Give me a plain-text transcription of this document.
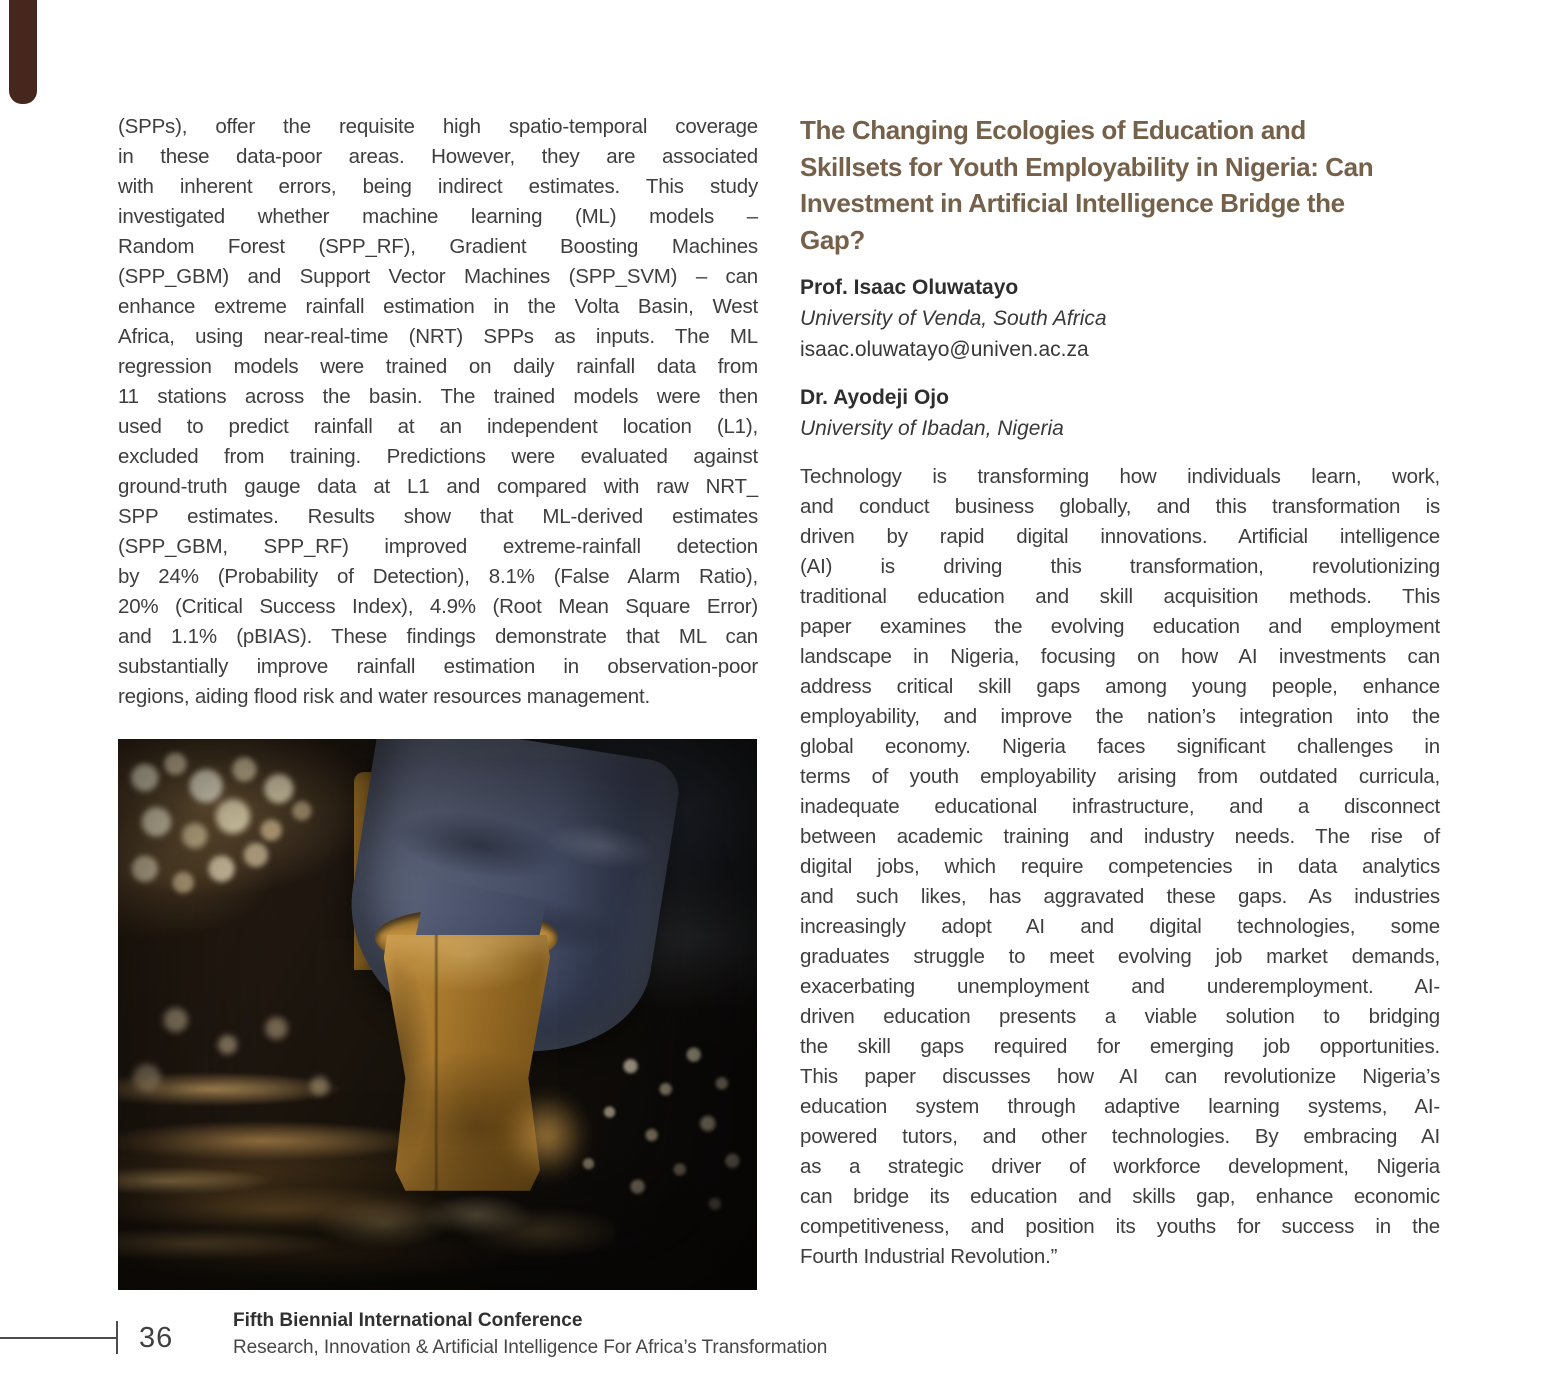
(SPPs), offer the requisite high spatio-temporal coverage
in these data-poor areas. However, they are associated
with inherent errors, being indirect estimates. This study
investigated whether machine learning (ML) models –
Random Forest (SPP_RF), Gradient Boosting Machines
(SPP_GBM) and Support Vector Machines (SPP_SVM) – can
enhance extreme rainfall estimation in the Volta Basin, West
Africa, using near-real-time (NRT) SPPs as inputs. The ML
regression models were trained on daily rainfall data from
11 stations across the basin. The trained models were then
used to predict rainfall at an independent location (L1),
excluded from training. Predictions were evaluated against
ground-truth gauge data at L1 and compared with raw NRT_
SPP estimates. Results show that ML-derived estimates
(SPP_GBM, SPP_RF) improved extreme-rainfall detection
by 24% (Probability of Detection), 8.1% (False Alarm Ratio),
20% (Critical Success Index), 4.9% (Root Mean Square Error)
and 1.1% (pBIAS). These findings demonstrate that ML can
substantially improve rainfall estimation in observation-poor
regions, aiding flood risk and water resources management.
The Changing Ecologies of Education and
Skillsets for Youth Employability in Nigeria: Can
Investment in Artificial Intelligence Bridge the
Gap?
Prof. Isaac Oluwatayo
University of Venda, South Africa
isaac.oluwatayo@univen.ac.za
Dr. Ayodeji Ojo
University of Ibadan, Nigeria
Technology is transforming how individuals learn, work,
and conduct business globally, and this transformation is
driven by rapid digital innovations. Artificial intelligence
(AI) is driving this transformation, revolutionizing
traditional education and skill acquisition methods. This
paper examines the evolving education and employment
landscape in Nigeria, focusing on how AI investments can
address critical skill gaps among young people, enhance
employability, and improve the nation’s integration into the
global economy. Nigeria faces significant challenges in
terms of youth employability arising from outdated curricula,
inadequate educational infrastructure, and a disconnect
between academic training and industry needs. The rise of
digital jobs, which require competencies in data analytics
and such likes, has aggravated these gaps. As industries
increasingly adopt AI and digital technologies, some
graduates struggle to meet evolving job market demands,
exacerbating unemployment and underemployment. AI-
driven education presents a viable solution to bridging
the skill gaps required for emerging job opportunities.
This paper discusses how AI can revolutionize Nigeria’s
education system through adaptive learning systems, AI-
powered tutors, and other technologies. By embracing AI
as a strategic driver of workforce development, Nigeria
can bridge its education and skills gap, enhance economic
competitiveness, and position its youths for success in the
Fourth Industrial Revolution.”
36
Fifth Biennial International Conference
Research, Innovation & Artificial Intelligence For Africa’s Transformation
